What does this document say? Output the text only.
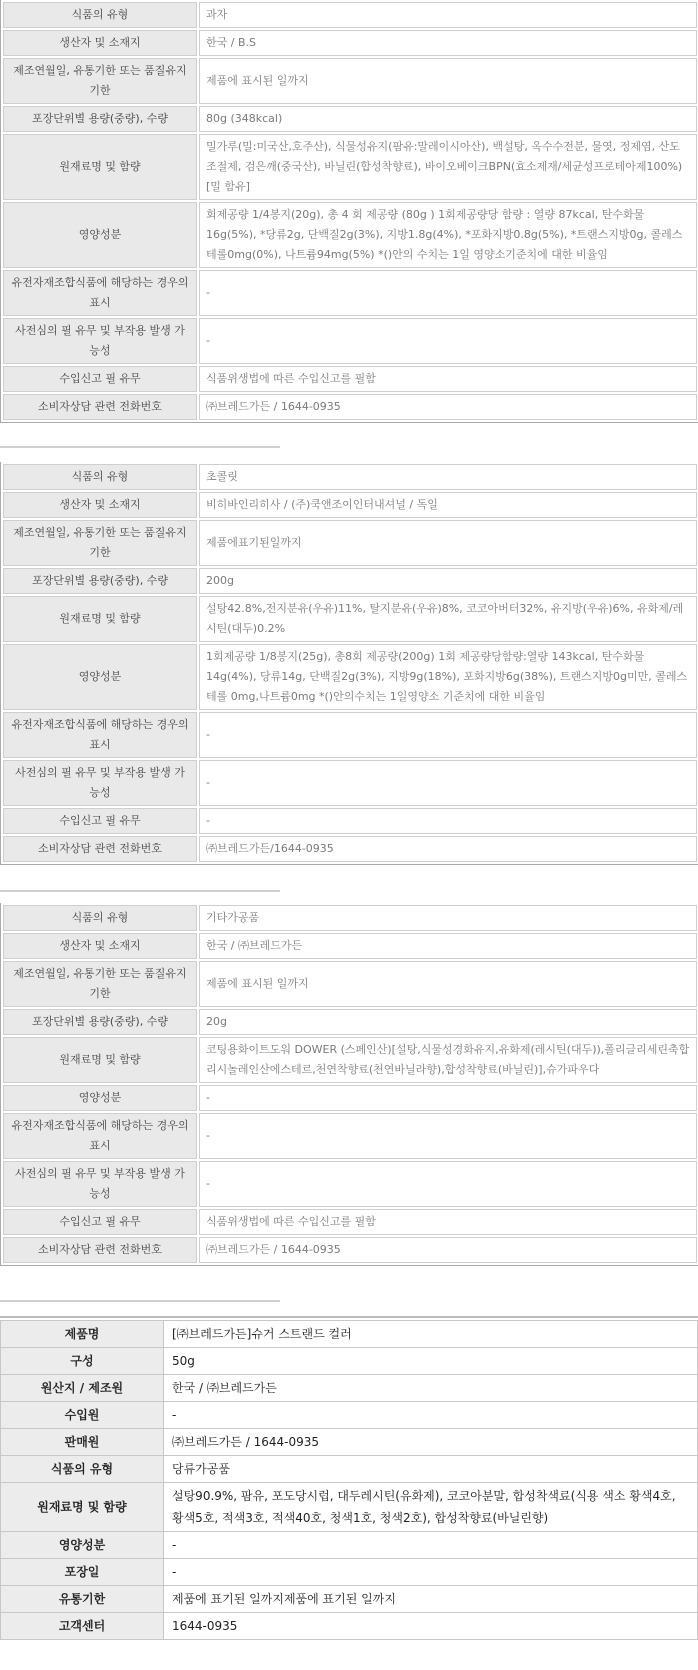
식품의 유형	과자
생산자 및 소재지	한국 / B.S
제조연월일, 유통기한 또는 품질유지기한	제품에 표시된 일까지
포장단위별 용량(중량), 수량	80g (348kcal)
원재료명 및 함량	밀가루(밀:미국산,호주산), 식물성유지(팜유:말레이시아산), 백설탕, 옥수수전분, 물엿, 정제염, 산도조절제, 검은깨(중국산), 바닐린(합성착향료), 바이오베이크BPN(효소제재/세균성프로테아제100%) [밀 함유]
영양성분	회제공량 1/4봉지(20g), 총 4 회 제공량 (80g ) 1회제공량당 함량 : 열량 87kcal, 탄수화물 16g(5%), *당류2g, 단백질2g(3%), 지방1.8g(4%), *포화지방0.8g(5%), *트랜스지방0g, 콜레스테롤0mg(0%), 나트륨94mg(5%) *()안의 수치는 1일 영양소기준치에 대한 비율임
유전자재조합식품에 해당하는 경우의 표시	-
사전심의 필 유무 및 부작용 발생 가능성	-
수입신고 필 유무	식품위생법에 따른 수입신고를 필함
소비자상담 관련 전화번호	㈜브레드가든 / 1644-0935
식품의 유형	초콜릿
생산자 및 소재지	비히바인리히사 / (주)쿡앤조이인터내셔널 / 독일
제조연월일, 유통기한 또는 품질유지기한	제품에표기된일까지
포장단위별 용량(중량), 수량	200g
원재료명 및 함량	설탕42.8%,전지분유(우유)11%, 탈지분유(우유)8%, 코코아버터32%, 유지방(우유)6%, 유화제/레시틴(대두)0.2%
영양성분	1회제공량 1/8봉지(25g), 총8회 제공량(200g) 1회 제공량당함량:열량 143kcal, 탄수화물14g(4%), 당류14g, 단백질2g(3%), 지방9g(18%), 포화지방6g(38%), 트랜스지방0g미만, 콜레스테롤 0mg,나트륨0mg *()안의수치는 1일영양소 기준치에 대한 비율임
유전자재조합식품에 해당하는 경우의 표시	-
사전심의 필 유무 및 부작용 발생 가능성	-
수입신고 필 유무	-
소비자상담 관련 전화번호	㈜브레드가든/1644-0935
식품의 유형	기타가공품
생산자 및 소재지	한국 / ㈜브레드가든
제조연월일, 유통기한 또는 품질유지기한	제품에 표시된 일까지
포장단위별 용량(중량), 수량	20g
원재료명 및 함량	코팅용화이트도워 DOWER (스페인산)[설탕,식물성경화유지,유화제(레시틴(대두)),폴리글리세린축합리시놀레인산에스테르,천연착향료(천연바닐라향),합성착향료(바닐린)],슈가파우다
영양성분	-
유전자재조합식품에 해당하는 경우의 표시	-
사전심의 필 유무 및 부작용 발생 가능성	-
수입신고 필 유무	식품위생법에 따른 수입신고를 필함
소비자상담 관련 전화번호	㈜브레드가든 / 1644-0935
제품명	[㈜브레드가든]슈거 스트랜드 컬러
구성	50g
원산지 / 제조원	한국 / ㈜브레드가든
수입원	-
판매원	㈜브레드가든 / 1644-0935
식품의 유형	당류가공품
원재료명 및 함량	설탕90.9%, 팜유, 포도당시럽, 대두레시틴(유화제), 코코아분말, 합성착색료(식용 색소 황색4호, 황색5호, 적색3호, 적색40호, 청색1호, 청색2호), 합성착향료(바닐린향)
영양성분	-
포장일	-
유통기한	제품에 표기된 일까지제품에 표기된 일까지
고객센터	1644-0935
